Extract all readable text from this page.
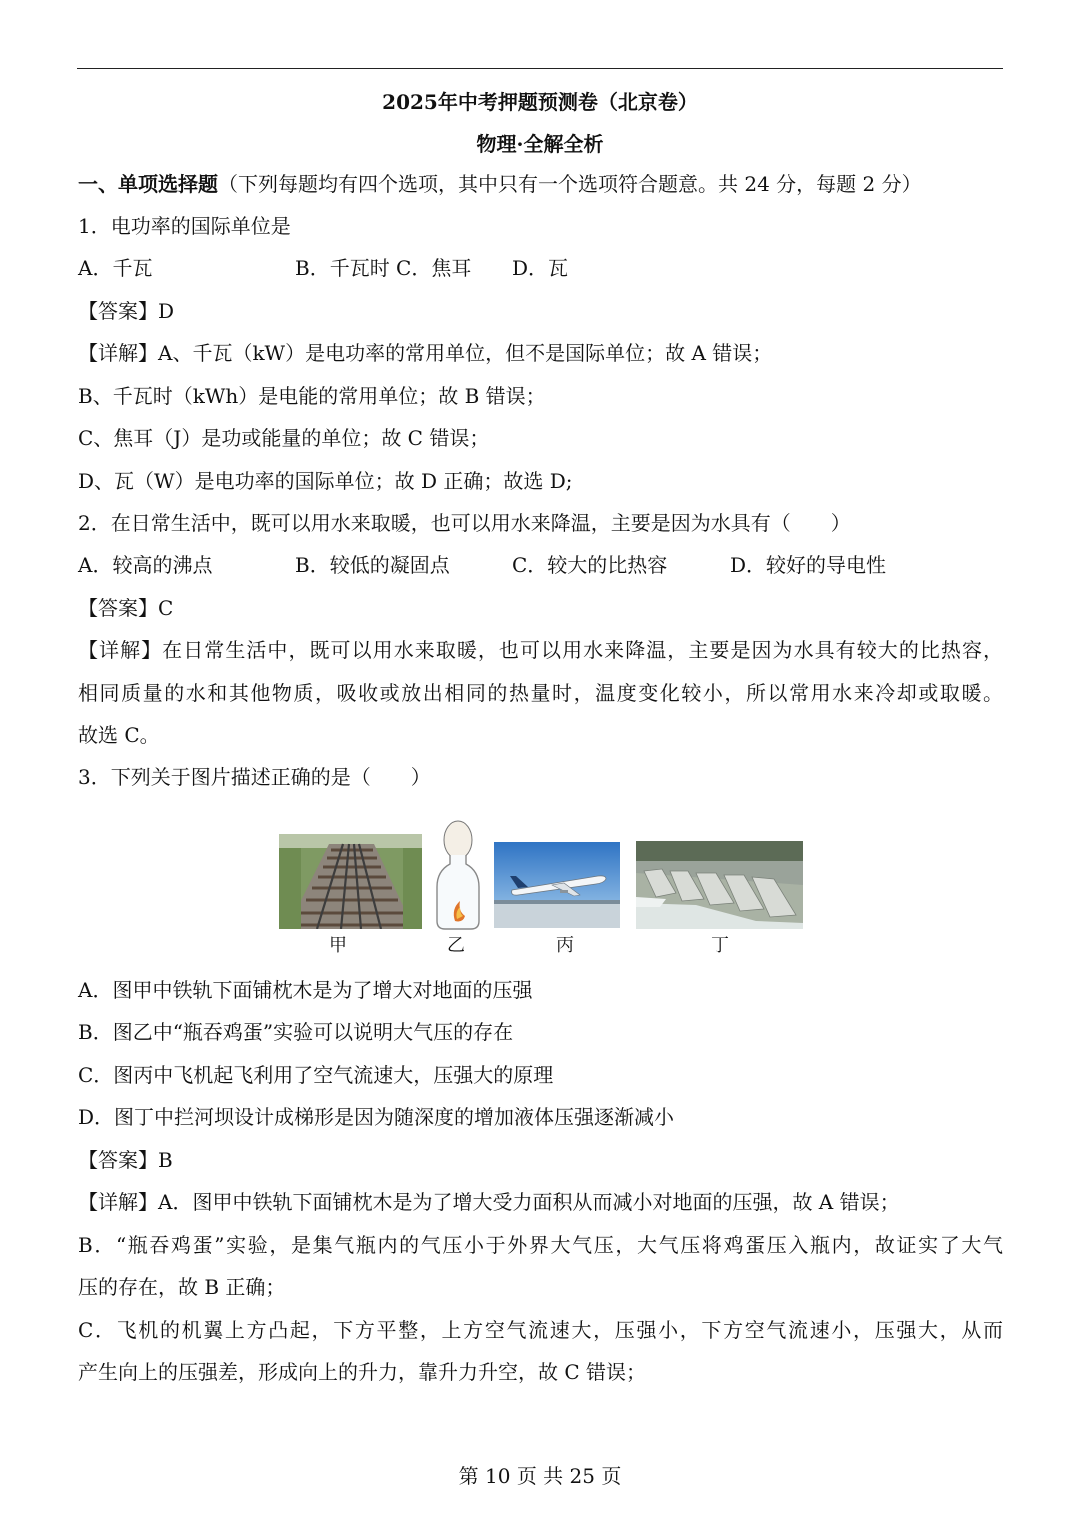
2025年中考押题预测卷（北京卷）
物理·全解全析
一、单项选择题（下列每题均有四个选项，其中只有一个选项符合题意。共 24 分，每题 2 分）
1．电功率的国际单位是
A．千瓦	B．千瓦时 C．焦耳 D．瓦
【答案】D
【详解】A、千瓦（kW）是电功率的常用单位，但不是国际单位；故 A 错误；
B、千瓦时（kWh）是电能的常用单位；故 B 错误；
C、焦耳（J）是功或能量的单位；故 C 错误；
D、瓦（W）是电功率的国际单位；故 D 正确；故选 D;
2．在日常生活中，既可以用水来取暖，也可以用水来降温，主要是因为水具有（　　）
A．较高的沸点	B．较低的凝固点	C．较大的比热容	D．较好的导电性
【答案】C
【详解】在日常生活中，既可以用水来取暖，也可以用水来降温，主要是因为水具有较大的比热容，
相同质量的水和其他物质，吸收或放出相同的热量时，温度变化较小，所以常用水来冷却或取暖。
故选 C。
3．下列关于图片描述正确的是（　　）
甲	乙	丙	丁
A．图甲中铁轨下面铺枕木是为了增大对地面的压强
B．图乙中“瓶吞鸡蛋”实验可以说明大气压的存在
C．图丙中飞机起飞利用了空气流速大，压强大的原理
D．图丁中拦河坝设计成梯形是因为随深度的增加液体压强逐渐减小
【答案】B
【详解】A．图甲中铁轨下面铺枕木是为了增大受力面积从而减小对地面的压强，故 A 错误；
B．“瓶吞鸡蛋”实验，是集气瓶内的气压小于外界大气压，大气压将鸡蛋压入瓶内，故证实了大气
压的存在，故 B 正确；
C．飞机的机翼上方凸起，下方平整，上方空气流速大，压强小，下方空气流速小，压强大，从而
产生向上的压强差，形成向上的升力，靠升力升空，故 C 错误；
第 10 页 共 25 页
